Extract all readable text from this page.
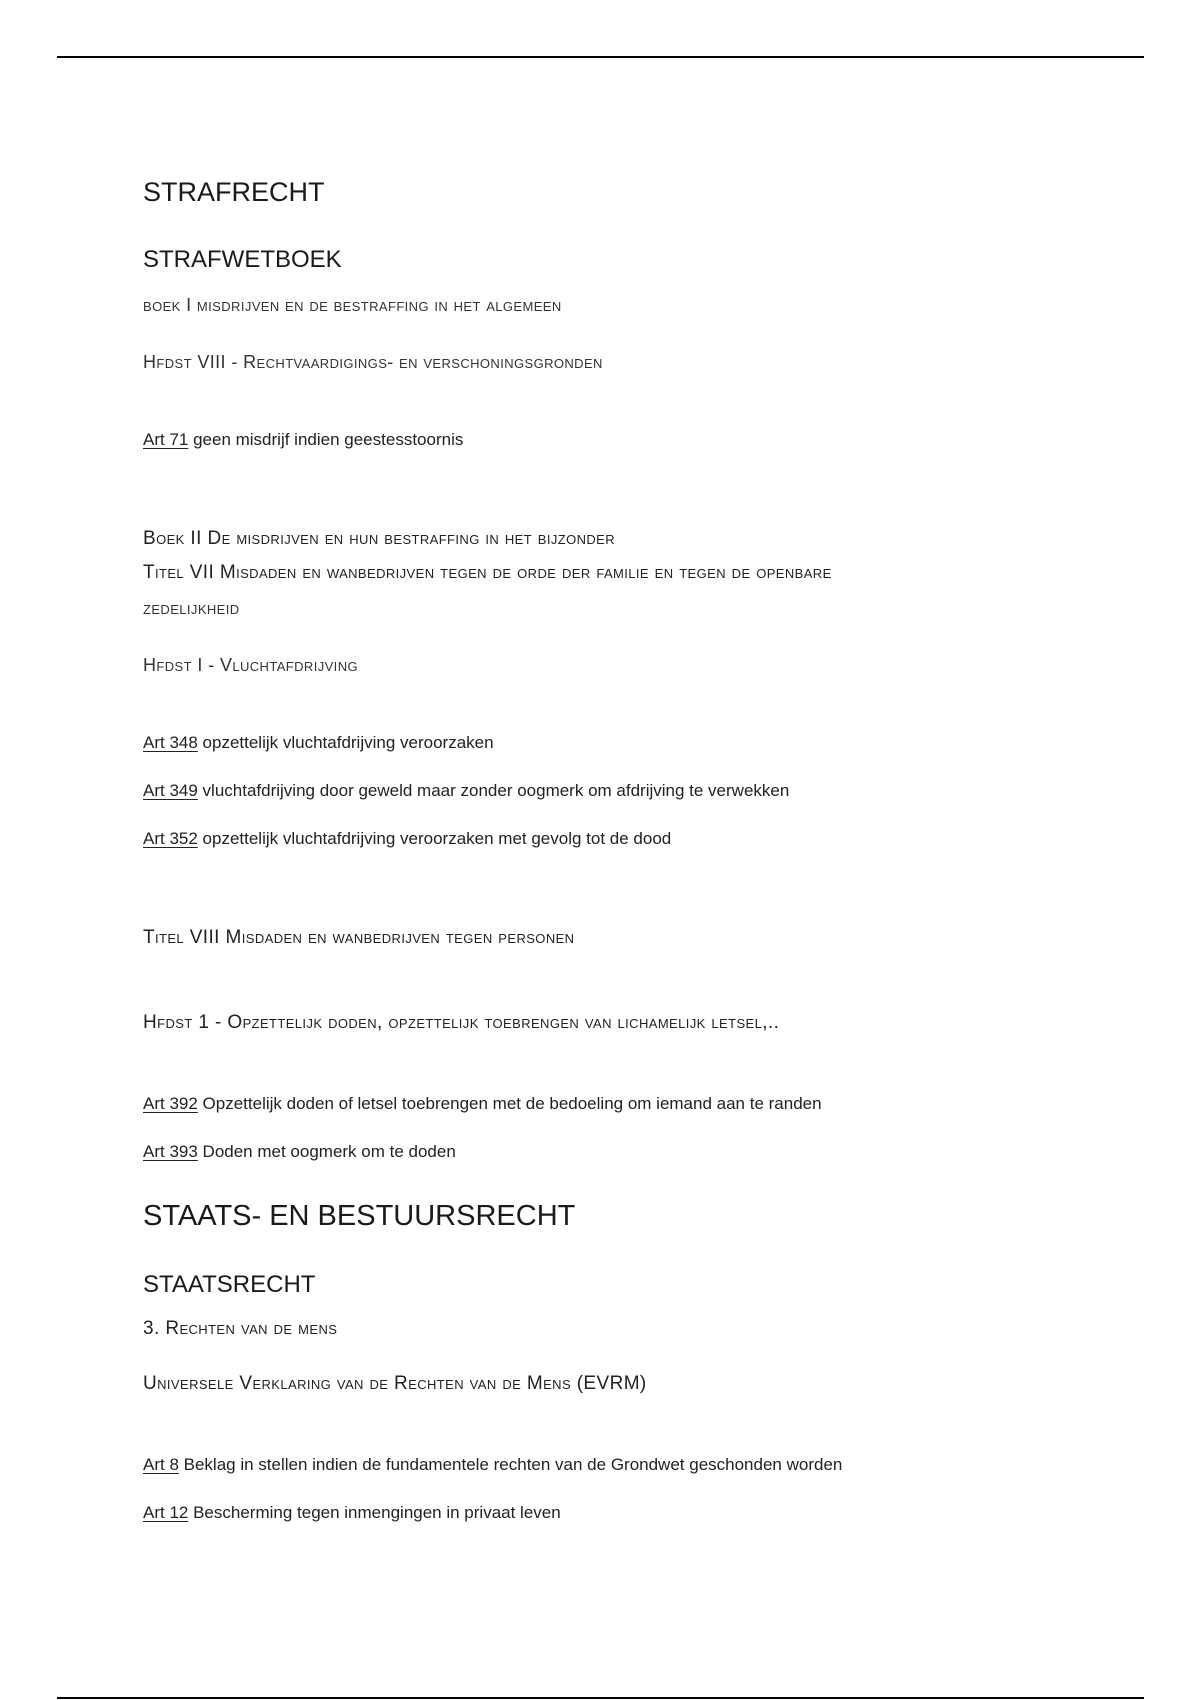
STRAFRECHT
STRAFWETBOEK
boek I misdrijven en de bestraffing in het algemeen
Hfdst VIII - Rechtvaardigings- en verschoningsgronden
Art 71 geen misdrijf indien geestesstoornis
Boek II De misdrijven en hun bestraffing in het bijzonder
Titel VII Misdaden en wanbedrijven tegen de orde der familie en tegen de openbare
zedelijkheid
Hfdst I - Vluchtafdrijving
Art 348 opzettelijk vluchtafdrijving veroorzaken
Art 349 vluchtafdrijving door geweld maar zonder oogmerk om afdrijving te verwekken
Art 352 opzettelijk vluchtafdrijving veroorzaken met gevolg tot de dood
Titel VIII Misdaden en wanbedrijven tegen personen
Hfdst 1 - Opzettelijk doden, opzettelijk toebrengen van lichamelijk letsel,..
Art 392 Opzettelijk doden of letsel toebrengen met de bedoeling om iemand aan te randen
Art 393 Doden met oogmerk om te doden
STAATS- EN BESTUURSRECHT
STAATSRECHT
3. Rechten van de mens
Universele Verklaring van de Rechten van de Mens (EVRM)
Art 8 Beklag in stellen indien de fundamentele rechten van de Grondwet geschonden worden
Art 12 Bescherming tegen inmengingen in privaat leven
